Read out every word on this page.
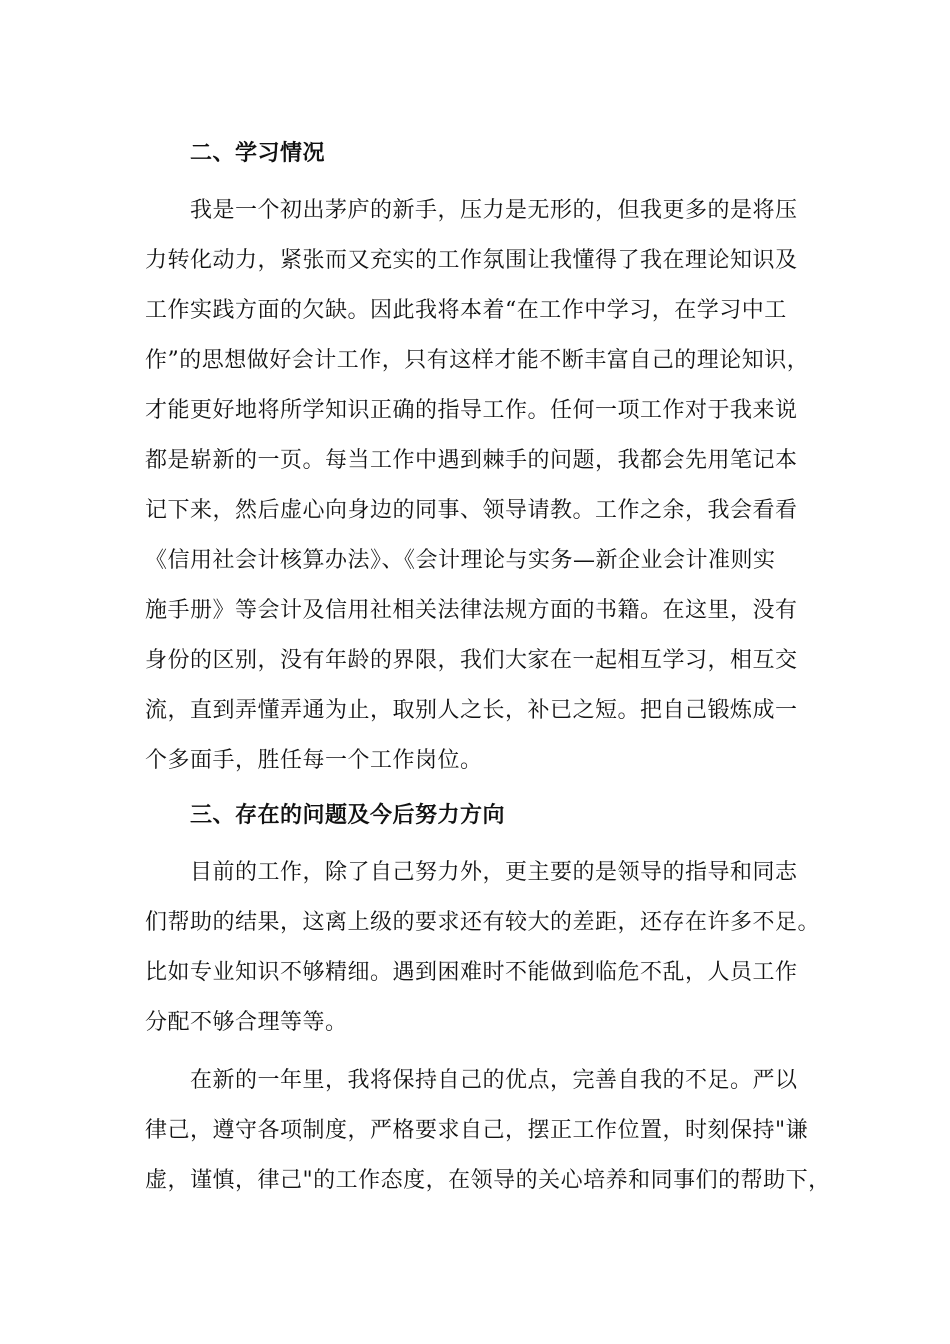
二、学习情况
我是一个初出茅庐的新手，压力是无形的，但我更多的是将压
力转化动力，紧张而又充实的工作氛围让我懂得了我在理论知识及
工作实践方面的欠缺。因此我将本着“在工作中学习，在学习中工
作”的思想做好会计工作，只有这样才能不断丰富自己的理论知识，
才能更好地将所学知识正确的指导工作。任何一项工作对于我来说
都是崭新的一页。每当工作中遇到棘手的问题，我都会先用笔记本
记下来，然后虚心向身边的同事、领导请教。工作之余，我会看看
《信用社会计核算办法》、《会计理论与实务—新企业会计准则实
施手册》等会计及信用社相关法律法规方面的书籍。在这里，没有
身份的区别，没有年龄的界限，我们大家在一起相互学习，相互交
流，直到弄懂弄通为止，取别人之长，补已之短。把自己锻炼成一
个多面手，胜任每一个工作岗位。
三、存在的问题及今后努力方向
目前的工作，除了自己努力外，更主要的是领导的指导和同志
们帮助的结果，这离上级的要求还有较大的差距，还存在许多不足。
比如专业知识不够精细。遇到困难时不能做到临危不乱，人员工作
分配不够合理等等。
在新的一年里，我将保持自己的优点，完善自我的不足。严以
律己，遵守各项制度，严格要求自己，摆正工作位置，时刻保持"谦
虚，谨慎，律己"的工作态度，在领导的关心培养和同事们的帮助下，
